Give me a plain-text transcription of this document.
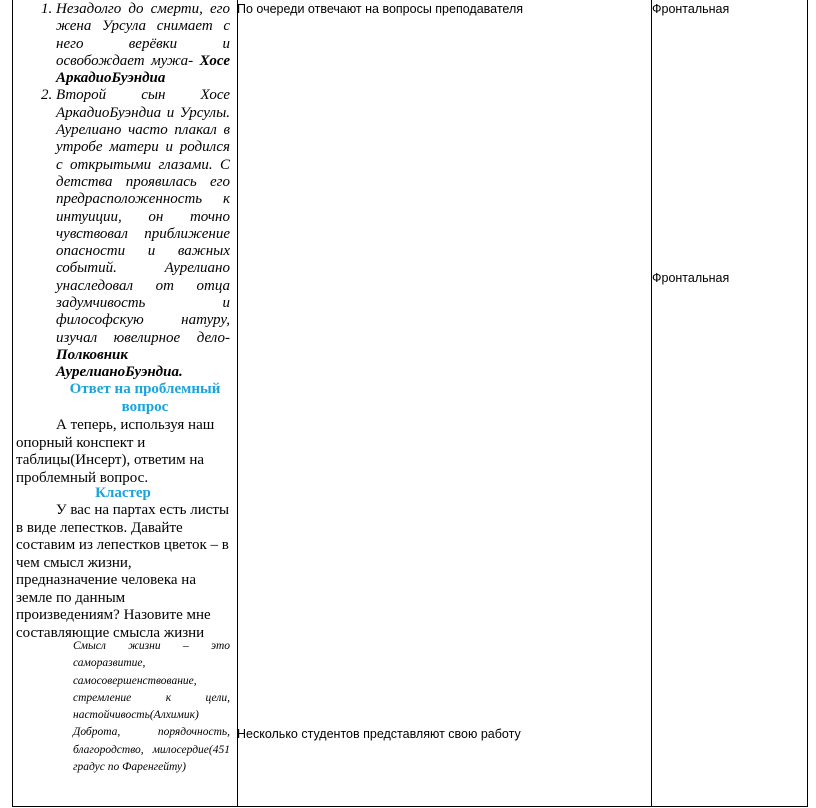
1. Незадолго до смерти, его жена Урсула снимает с него верёвки и освобождает мужа- Хосе АркадиоБуэндиа
2. Второй сын Хосе АркадиоБуэндиа и Урсулы. Аурелиано часто плакал в утробе матери и родился с открытыми глазами. С детства проявилась его предрасположенность к интуиции, он точно чувствовал приближение опасности и важных событий. Аурелиано унаследовал от отца задумчивость и философскую натуру, изучал ювелирное дело-Полковник АурелианоБуэндиа.
Ответ на проблемный вопрос
А теперь, используя наш опорный конспект и таблицы(Инсерт), ответим на проблемный вопрос.
Кластер
У вас на партах есть листы в виде лепестков. Давайте составим из лепестков цветок – в чем смысл жизни, предназначение человека на земле по данным произведениям? Назовите мне составляющие смысла жизни
Смысл жизни – это саморазвитие, самосовершенствование, стремление к цели, настойчивость(Алхимик) Доброта, порядочность, благородство, милосердие(451 градус по Фаренгейту)
По очереди отвечают на вопросы преподавателя
Несколько студентов представляют свою работу
Фронтальная
Фронтальная
